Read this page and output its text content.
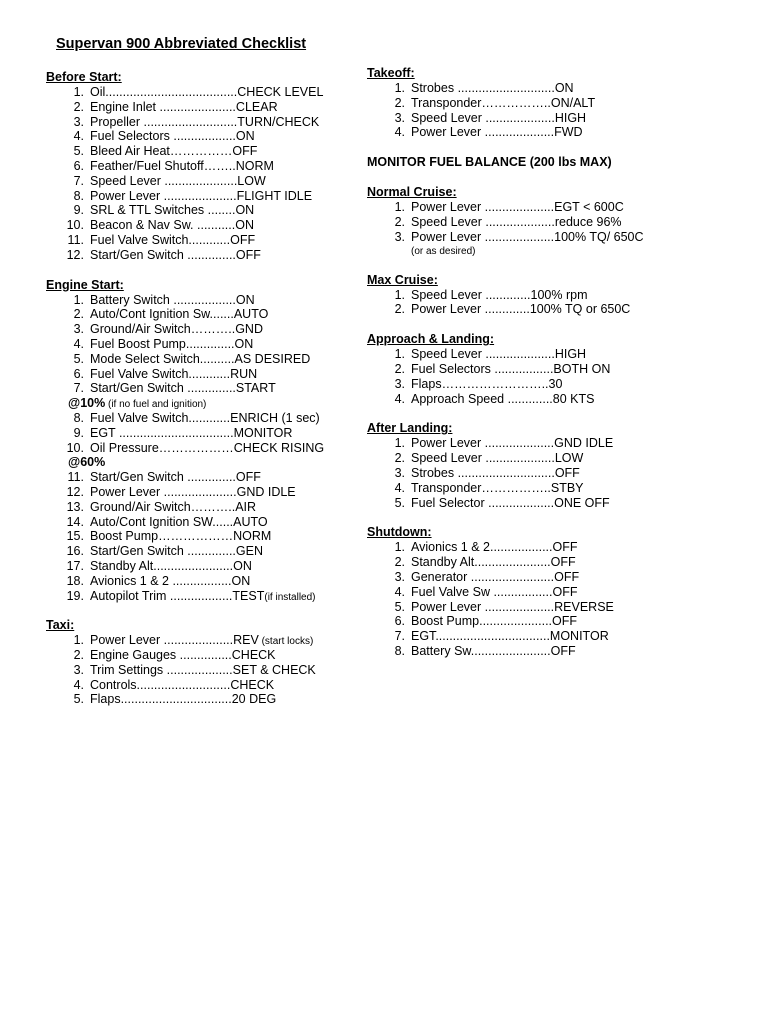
Supervan 900 Abbreviated Checklist
Before Start:
1. Oil...................................... CHECK LEVEL
2. Engine Inlet ...................... CLEAR
3. Propeller ........................... TURN/CHECK
4. Fuel Selectors .................. ON
5. Bleed Air Heat…………… OFF
6. Feather/Fuel Shutoff…….. NORM
7. Speed Lever ..................... LOW
8. Power Lever ..................... FLIGHT IDLE
9. SRL & TTL Switches ........ ON
10. Beacon & Nav Sw. ........... ON
11. Fuel Valve Switch............ OFF
12. Start/Gen Switch .............. OFF
Engine Start:
1. Battery Switch .................. ON
2. Auto/Cont Ignition Sw....... AUTO
3. Ground/Air Switch……….. GND
4. Fuel Boost Pump.............. ON
5. Mode Select Switch.......... AS DESIRED
6. Fuel Valve Switch............ RUN
7. Start/Gen Switch .............. START
@10% (if no fuel and ignition)
8. Fuel Valve Switch............ ENRICH (1 sec)
9. EGT ................................. MONITOR
10. Oil Pressure……………… CHECK RISING
@60%
11. Start/Gen Switch .............. OFF
12. Power Lever ..................... GND IDLE
13. Ground/Air Switch……….. AIR
14. Auto/Cont Ignition SW...... AUTO
15. Boost Pump……………… NORM
16. Start/Gen Switch .............. GEN
17. Standby Alt....................... ON
18. Avionics 1 & 2 ................. ON
19. Autopilot Trim .................. TEST(if installed)
Taxi:
1. Power Lever .................... REV (start locks)
2. Engine Gauges ............... CHECK
3. Trim Settings ................... SET & CHECK
4. Controls........................... CHECK
5. Flaps................................ 20 DEG
Takeoff:
1. Strobes ............................ ON
2. Transponder…………….. ON/ALT
3. Speed Lever .................... HIGH
4. Power Lever .................... FWD
MONITOR FUEL BALANCE (200 lbs MAX)
Normal Cruise:
1. Power Lever .................... EGT < 600C
2. Speed Lever .................... reduce 96%
3. Power Lever .................... 100% TQ/ 650C
(or as desired)
Max Cruise:
1. Speed Lever ............. 100% rpm
2. Power Lever ............. 100% TQ or 650C
Approach & Landing:
1. Speed Lever .................... HIGH
2. Fuel Selectors ................. BOTH ON
3. Flaps…………………….. 30
4. Approach Speed ............. 80 KTS
After Landing:
1. Power Lever .................... GND IDLE
2. Speed Lever .................... LOW
3. Strobes ............................ OFF
4. Transponder…………….. STBY
5. Fuel Selector ................... ONE OFF
Shutdown:
1. Avionics 1 & 2.................. OFF
2. Standby Alt...................... OFF
3. Generator ........................ OFF
4. Fuel Valve Sw ................. OFF
5. Power Lever .................... REVERSE
6. Boost Pump..................... OFF
7. EGT................................. MONITOR
8. Battery Sw....................... OFF
